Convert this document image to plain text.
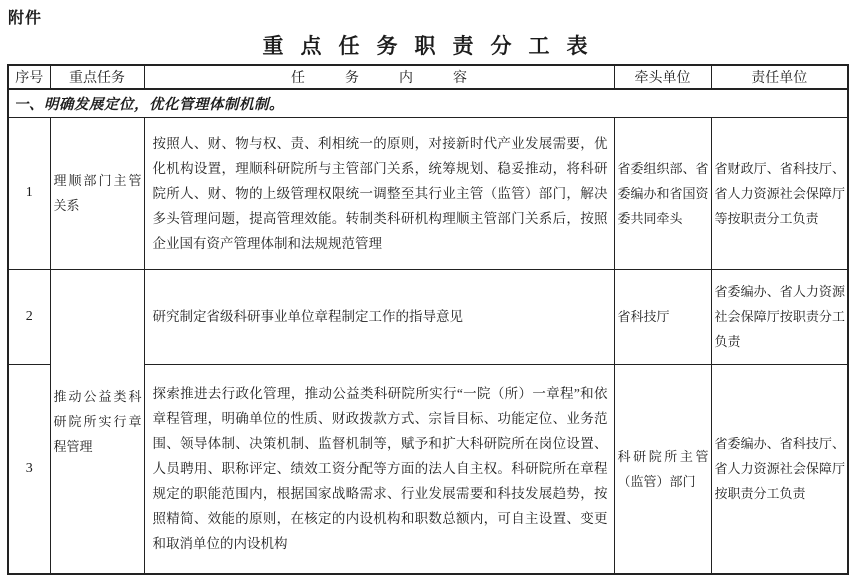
附件
重点任务职责分工表
序号	重点任务	任务内容	牵头单位	责任单位
一、明确发展定位，优化管理体制机制。				
1	理顺部门主管关系	按照人、财、物与权、责、利相统一的原则，对接新时代产业发展需要，优化机构设置，理顺科研院所与主管部门关系，统筹规划、稳妥推动，将科研院所人、财、物的上级管理权限统一调整至其行业主管（监管）部门，解决多头管理问题，提高管理效能。转制类科研机构理顺主管部门关系后，按照企业国有资产管理体制和法规规范管理	省委组织部、省委编办和省国资委共同牵头	省财政厅、省科技厅、省人力资源社会保障厅等按职责分工负责
2	推动公益类科研院所实行章程管理	研究制定省级科研事业单位章程制定工作的指导意见	省科技厅	省委编办、省人力资源社会保障厅按职责分工负责
3		探索推进去行政化管理，推动公益类科研院所实行“一院（所）一章程”和依章程管理，明确单位的性质、财政拨款方式、宗旨目标、功能定位、业务范围、领导体制、决策机制、监督机制等，赋予和扩大科研院所在岗位设置、人员聘用、职称评定、绩效工资分配等方面的法人自主权。科研院所在章程规定的职能范围内，根据国家战略需求、行业发展需要和科技发展趋势，按照精简、效能的原则，在核定的内设机构和职数总额内，可自主设置、变更和取消单位的内设机构	科研院所主管（监管）部门	省委编办、省科技厅、省人力资源社会保障厅按职责分工负责
